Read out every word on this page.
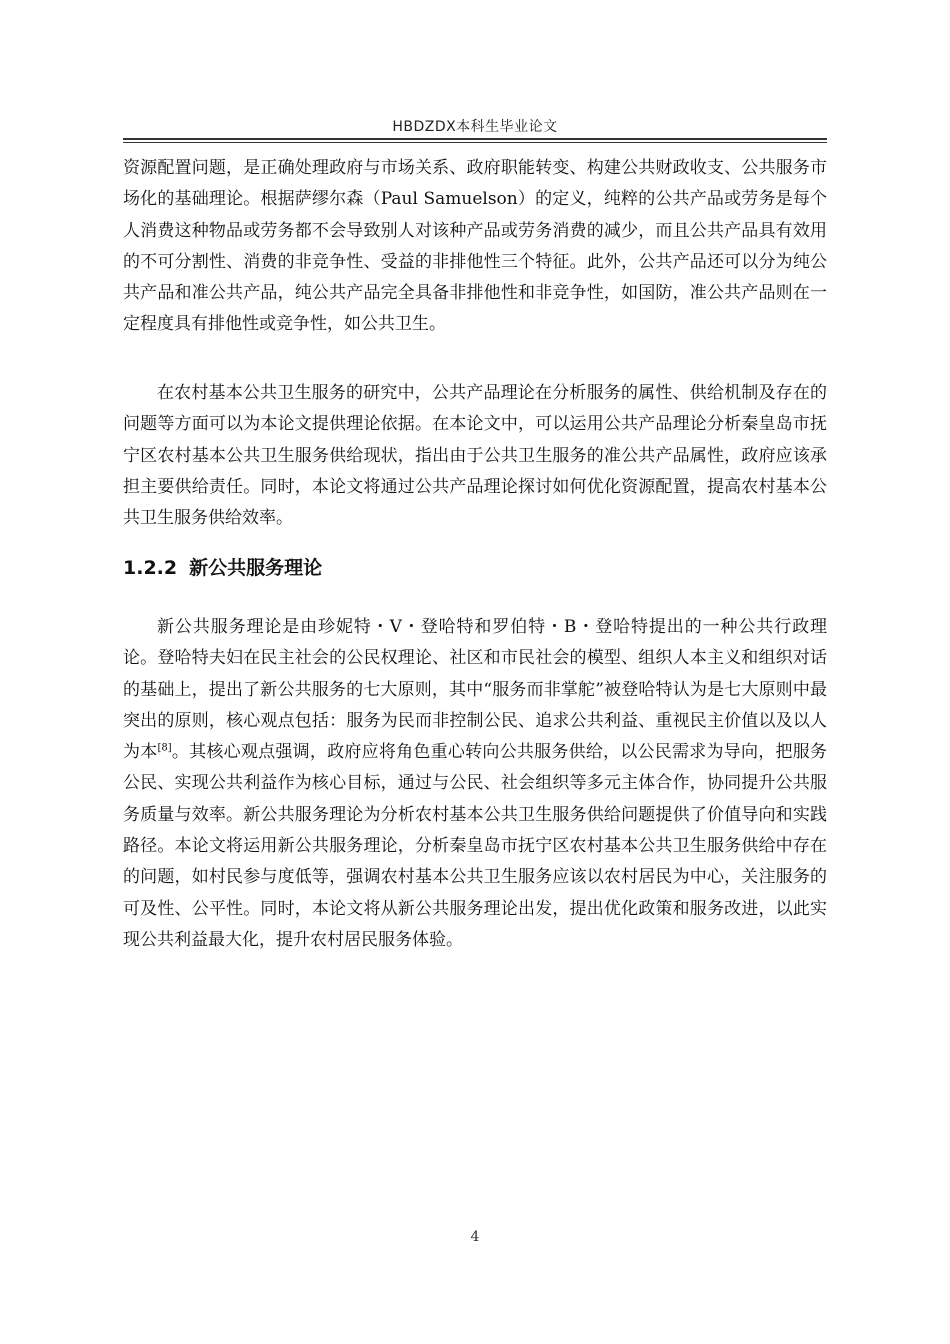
HBDZDX本科生毕业论文

资源配置问题，是正确处理政府与市场关系、政府职能转变、构建公共财政收支、公共服务市场化的基础理论。根据萨缪尔森（Paul Samuelson）的定义，纯粹的公共产品或劳务是每个人消费这种物品或劳务都不会导致别人对该种产品或劳务消费的减少，而且公共产品具有效用的不可分割性、消费的非竞争性、受益的非排他性三个特征。此外，公共产品还可以分为纯公共产品和准公共产品，纯公共产品完全具备非排他性和非竞争性，如国防，准公共产品则在一定程度具有排他性或竞争性，如公共卫生。

在农村基本公共卫生服务的研究中，公共产品理论在分析服务的属性、供给机制及存在的问题等方面可以为本论文提供理论依据。在本论文中，可以运用公共产品理论分析秦皇岛市抚宁区农村基本公共卫生服务供给现状，指出由于公共卫生服务的准公共产品属性，政府应该承担主要供给责任。同时，本论文将通过公共产品理论探讨如何优化资源配置，提高农村基本公共卫生服务供给效率。

1.2.2 新公共服务理论

新公共服务理论是由珍妮特・V・登哈特和罗伯特・B・登哈特提出的一种公共行政理论。登哈特夫妇在民主社会的公民权理论、社区和市民社会的模型、组织人本主义和组织对话的基础上，提出了新公共服务的七大原则，其中“服务而非掌舵”被登哈特认为是七大原则中最突出的原则，核心观点包括：服务为民而非控制公民、追求公共利益、重视民主价值以及以人为本[8]。其核心观点强调，政府应将角色重心转向公共服务供给，以公民需求为导向，把服务公民、实现公共利益作为核心目标，通过与公民、社会组织等多元主体合作，协同提升公共服务质量与效率。新公共服务理论为分析农村基本公共卫生服务供给问题提供了价值导向和实践路径。本论文将运用新公共服务理论，分析秦皇岛市抚宁区农村基本公共卫生服务供给中存在的问题，如村民参与度低等，强调农村基本公共卫生服务应该以农村居民为中心，关注服务的可及性、公平性。同时，本论文将从新公共服务理论出发，提出优化政策和服务改进，以此实现公共利益最大化，提升农村居民服务体验。

4
